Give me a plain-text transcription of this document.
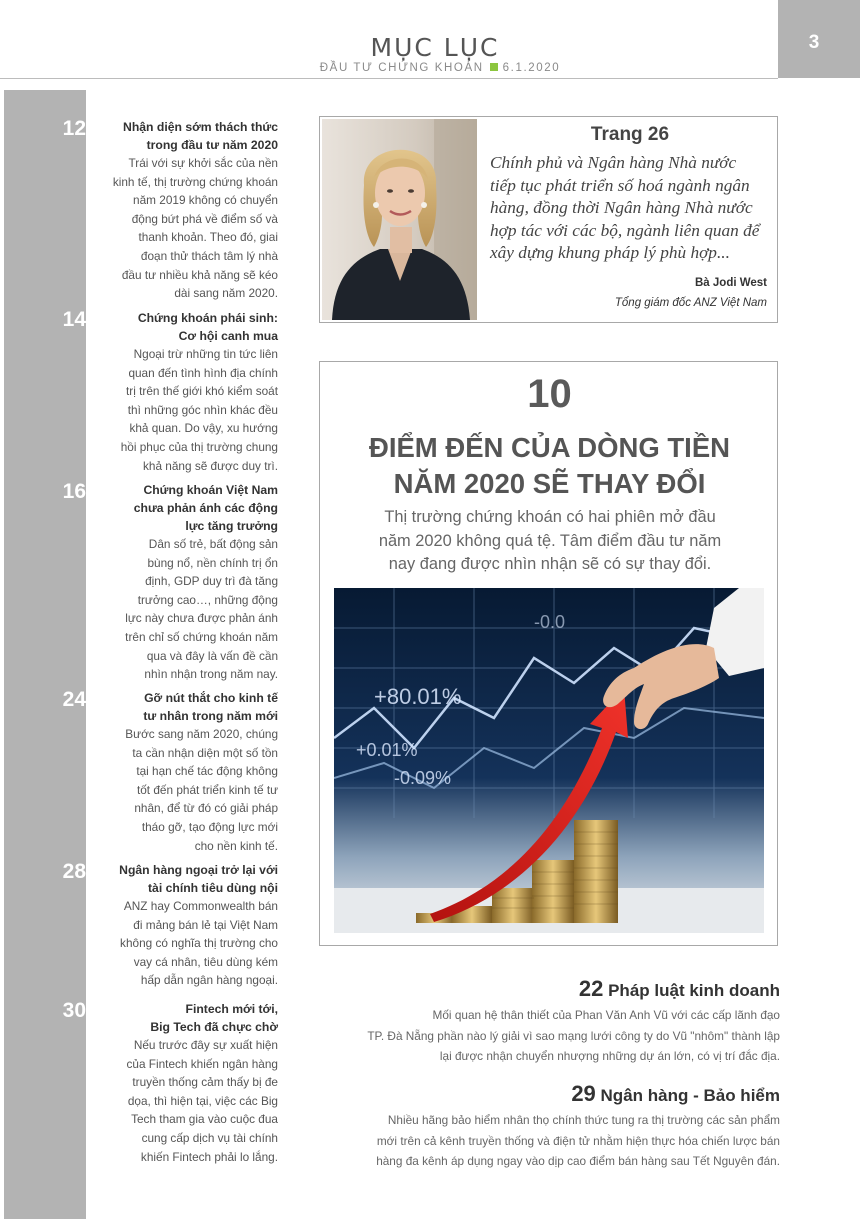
MỤC LỤC
ĐẦU TƯ CHỨNG KHOÁN 6.1.2020
3
12	Nhận diện sớm thách thức
trong đầu tư năm 2020
Trái với sự khởi sắc của nền
kinh tế, thị trường chứng khoán
năm 2019 không có chuyển
động bứt phá về điểm số và
thanh khoản. Theo đó, giai
đoạn thử thách tâm lý nhà
đầu tư nhiều khả năng sẽ kéo
dài sang năm 2020.
14	Chứng khoán phái sinh:
Cơ hội canh mua
Ngoại trừ những tin tức liên
quan đến tình hình địa chính
trị trên thế giới khó kiểm soát
thì những góc nhìn khác đều
khả quan. Do vậy, xu hướng
hồi phục của thị trường chung
khả năng sẽ được duy trì.
16	Chứng khoán Việt Nam
chưa phản ánh các động
lực tăng trưởng
Dân số trẻ, bất động sản
bùng nổ, nền chính trị ổn
định, GDP duy trì đà tăng
trưởng cao…, những động
lực này chưa được phản ánh
trên chỉ số chứng khoán năm
qua và đây là vấn đề cần
nhìn nhận trong năm nay.
24	Gỡ nút thắt cho kinh tế
tư nhân trong năm mới
Bước sang năm 2020, chúng
ta cần nhận diện một số tồn
tại hạn chế tác động không
tốt đến phát triển kinh tế tư
nhân, để từ đó có giải pháp
tháo gỡ, tạo động lực mới
cho nền kinh tế.
28	Ngân hàng ngoại trở lại với
tài chính tiêu dùng nội
ANZ hay Commonwealth bán
đi mảng bán lẻ tại Việt Nam
không có nghĩa thị trường cho
vay cá nhân, tiêu dùng kém
hấp dẫn ngân hàng ngoại.
30	Fintech mới tới,
Big Tech đã chực chờ
Nếu trước đây sự xuất hiện
của Fintech khiến ngân hàng
truyền thống cảm thấy bị đe
dọa, thì hiện tại, việc các Big
Tech tham gia vào cuộc đua
cung cấp dịch vụ tài chính
khiến Fintech phải lo lắng.
Trang 26
Chính phủ và Ngân hàng Nhà nước
tiếp tục phát triển số hoá ngành ngân
hàng, đồng thời Ngân hàng Nhà nước
hợp tác với các bộ, ngành liên quan để
xây dựng khung pháp lý phù hợp...
Bà Jodi West
Tổng giám đốc ANZ Việt Nam
10
ĐIỂM ĐẾN CỦA DÒNG TIỀN
NĂM 2020 SẼ THAY ĐỔI
Thị trường chứng khoán có hai phiên mở đầu
năm 2020 không quá tệ. Tâm điểm đầu tư năm
nay đang được nhìn nhận sẽ có sự thay đổi.
+80.01%
+0.01%
-0.09%
-0.0
22 Pháp luật kinh doanh
Mối quan hệ thân thiết của Phan Văn Anh Vũ với các cấp lãnh đạo
TP. Đà Nẵng phần nào lý giải vì sao mạng lưới công ty do Vũ "nhôm" thành lập
lại được nhận chuyển nhượng những dự án lớn, có vị trí đắc địa.
29 Ngân hàng - Bảo hiểm
Nhiều hãng bảo hiểm nhân thọ chính thức tung ra thị trường các sản phẩm
mới trên cả kênh truyền thống và điện tử nhằm hiện thực hóa chiến lược bán
hàng đa kênh áp dụng ngay vào dịp cao điểm bán hàng sau Tết Nguyên đán.
